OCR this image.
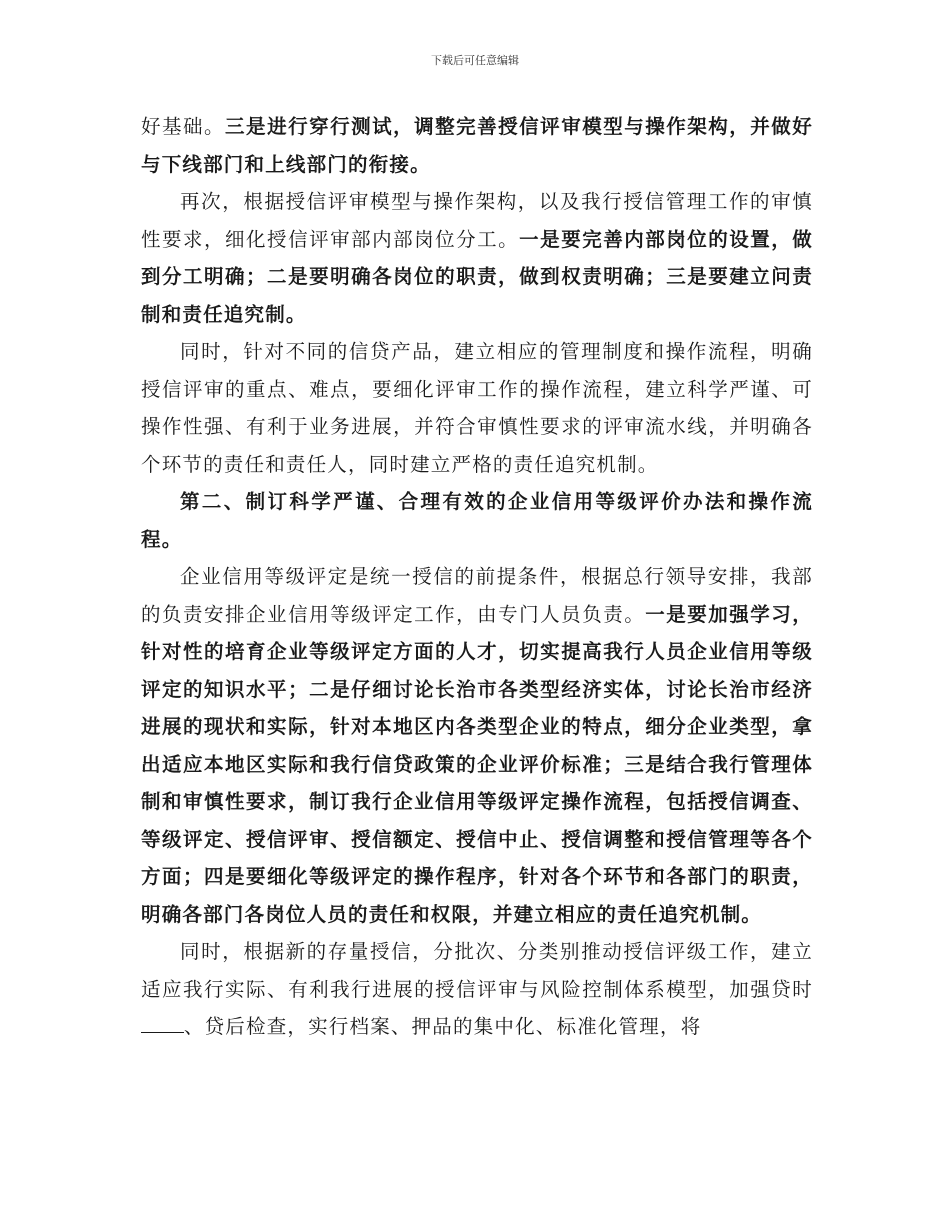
下载后可任意编辑

好基础。三是进行穿行测试，调整完善授信评审模型与操作架构，并做好与下线部门和上线部门的衔接。

再次，根据授信评审模型与操作架构，以及我行授信管理工作的审慎性要求，细化授信评审部内部岗位分工。一是要完善内部岗位的设置，做到分工明确；二是要明确各岗位的职责，做到权责明确；三是要建立问责制和责任追究制。

同时，针对不同的信贷产品，建立相应的管理制度和操作流程，明确授信评审的重点、难点，要细化评审工作的操作流程，建立科学严谨、可操作性强、有利于业务进展，并符合审慎性要求的评审流水线，并明确各个环节的责任和责任人，同时建立严格的责任追究机制。

第二、制订科学严谨、合理有效的企业信用等级评价办法和操作流程。

企业信用等级评定是统一授信的前提条件，根据总行领导安排，我部的负责安排企业信用等级评定工作，由专门人员负责。一是要加强学习，针对性的培育企业等级评定方面的人才，切实提高我行人员企业信用等级评定的知识水平；二是仔细讨论长治市各类型经济实体，讨论长治市经济进展的现状和实际，针对本地区内各类型企业的特点，细分企业类型，拿出适应本地区实际和我行信贷政策的企业评价标准；三是结合我行管理体制和审慎性要求，制订我行企业信用等级评定操作流程，包括授信调查、等级评定、授信评审、授信额定、授信中止、授信调整和授信管理等各个方面；四是要细化等级评定的操作程序，针对各个环节和各部门的职责，明确各部门各岗位人员的责任和权限，并建立相应的责任追究机制。

同时，根据新的存量授信，分批次、分类别推动授信评级工作，建立适应我行实际、有利我行进展的授信评审与风险控制体系模型，加强贷时、贷后检查，实行档案、押品的集中化、标准化管理，将
